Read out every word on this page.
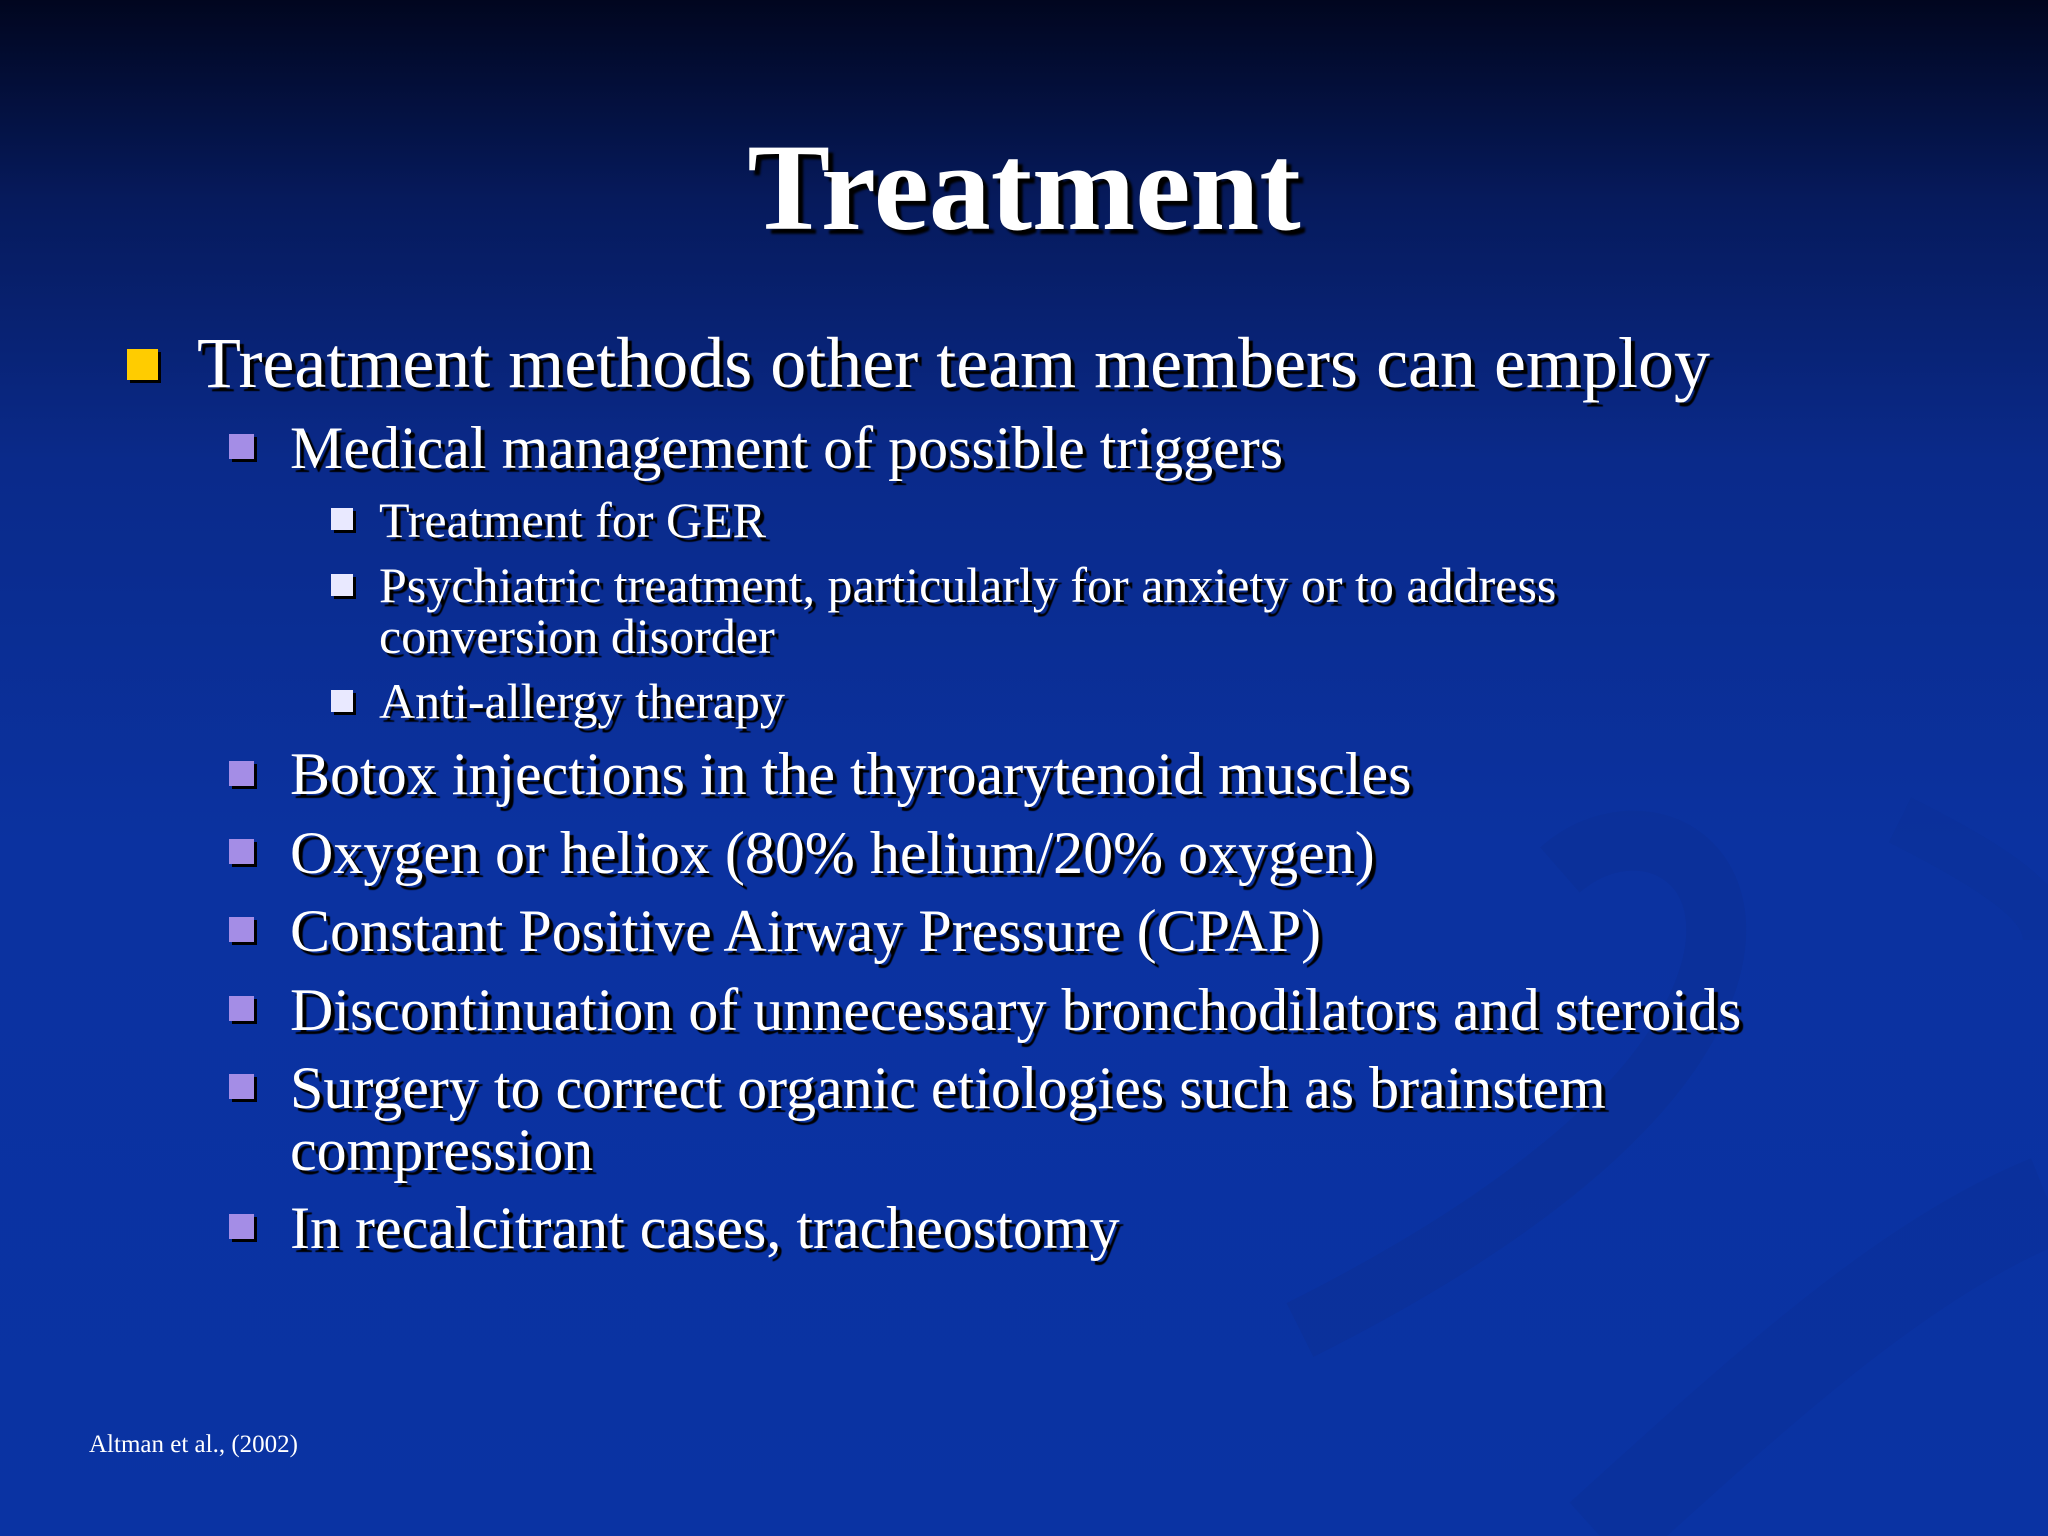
Treatment
Treatment methods other team members can employ
Medical management of possible triggers
Treatment for GER
Psychiatric treatment, particularly for anxiety or to address
conversion disorder
Anti-allergy therapy
Botox injections in the thyroarytenoid muscles
Oxygen or heliox (80% helium/20% oxygen)
Constant Positive Airway Pressure (CPAP)
Discontinuation of unnecessary bronchodilators and steroids
Surgery to correct organic etiologies such as brainstem
compression
In recalcitrant cases, tracheostomy
Altman et al., (2002)
